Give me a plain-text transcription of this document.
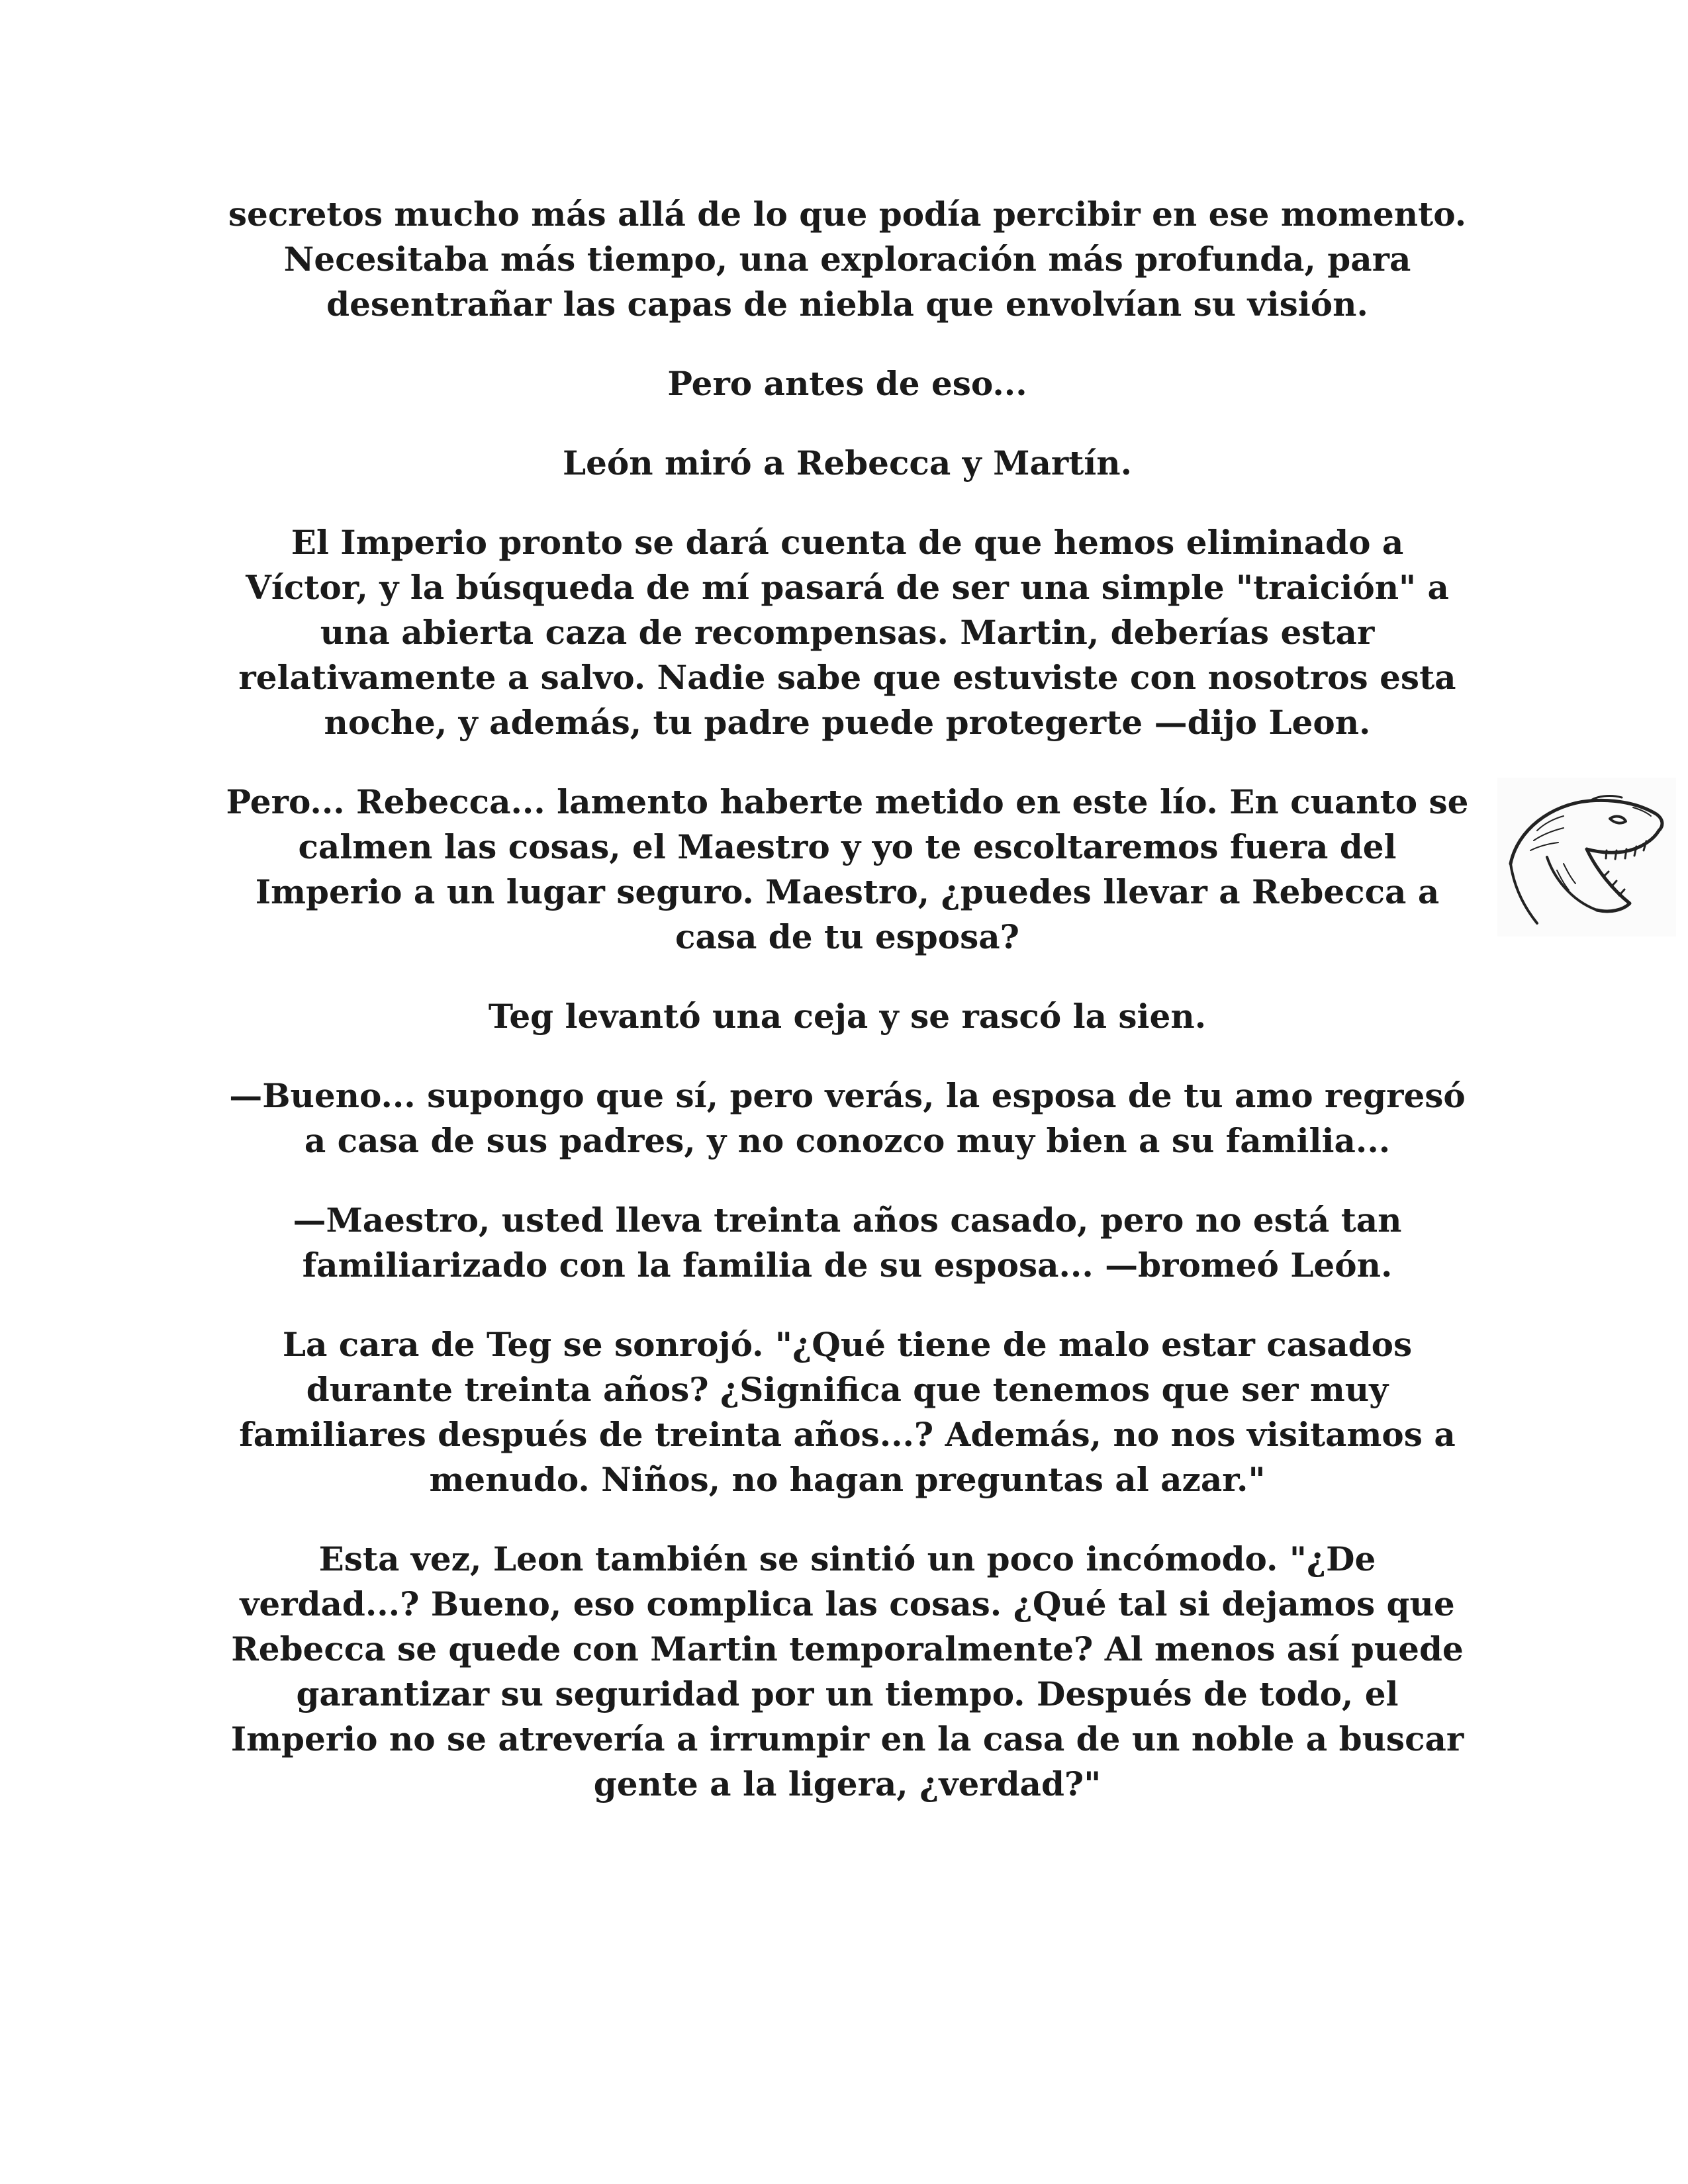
secretos mucho más allá de lo que podía percibir en ese momento. Necesitaba más tiempo, una exploración más profunda, para desentrañar las capas de niebla que envolvían su visión.

Pero antes de eso...

León miró a Rebecca y Martín.

El Imperio pronto se dará cuenta de que hemos eliminado a Víctor, y la búsqueda de mí pasará de ser una simple "traición" a una abierta caza de recompensas. Martin, deberías estar relativamente a salvo. Nadie sabe que estuviste con nosotros esta noche, y además, tu padre puede protegerte —dijo Leon.

Pero... Rebecca... lamento haberte metido en este lío. En cuanto se calmen las cosas, el Maestro y yo te escoltaremos fuera del Imperio a un lugar seguro. Maestro, ¿puedes llevar a Rebecca a casa de tu esposa?

Teg levantó una ceja y se rascó la sien.

—Bueno... supongo que sí, pero verás, la esposa de tu amo regresó a casa de sus padres, y no conozco muy bien a su familia...

—Maestro, usted lleva treinta años casado, pero no está tan familiarizado con la familia de su esposa... —bromeó León.

La cara de Teg se sonrojó. "¿Qué tiene de malo estar casados durante treinta años? ¿Significa que tenemos que ser muy familiares después de treinta años...? Además, no nos visitamos a menudo. Niños, no hagan preguntas al azar."

Esta vez, Leon también se sintió un poco incómodo. "¿De verdad...? Bueno, eso complica las cosas. ¿Qué tal si dejamos que Rebecca se quede con Martin temporalmente? Al menos así puede garantizar su seguridad por un tiempo. Después de todo, el Imperio no se atrevería a irrumpir en la casa de un noble a buscar gente a la ligera, ¿verdad?"
